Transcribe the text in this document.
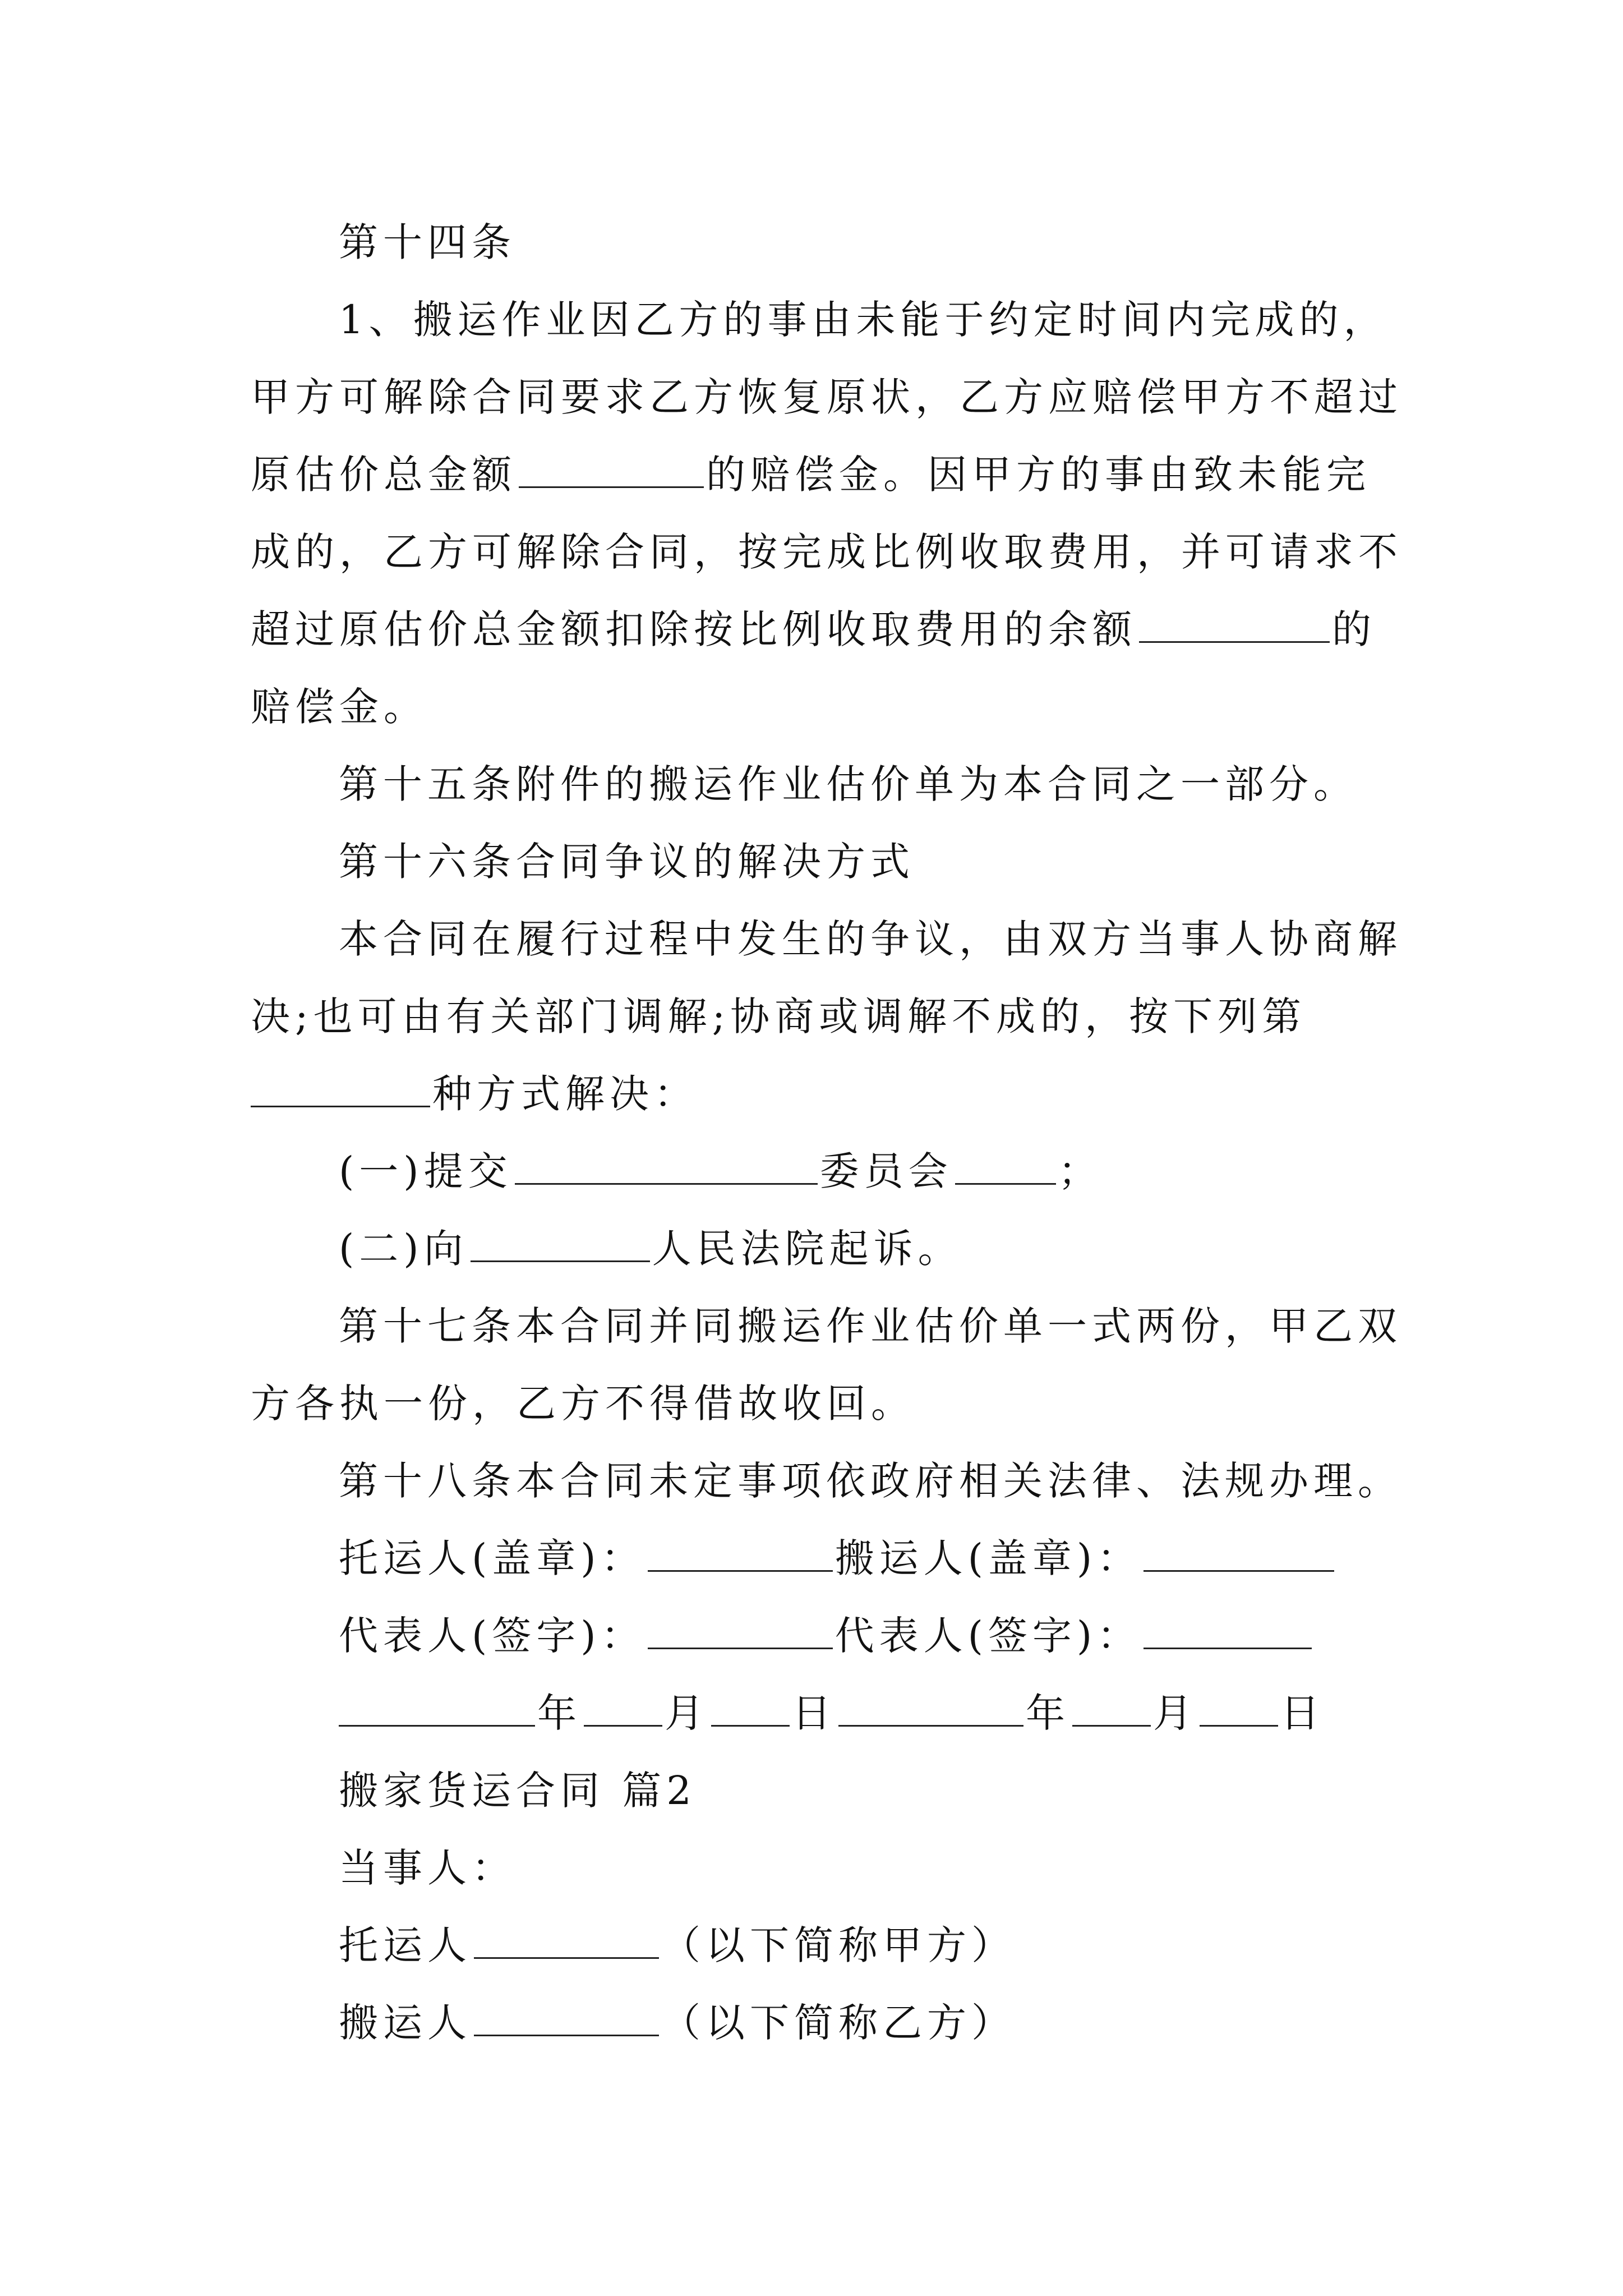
第十四条
1、搬运作业因乙方的事由未能于约定时间内完成的，
甲方可解除合同要求乙方恢复原状，乙方应赔偿甲方不超过
原估价总金额	的赔偿金。因甲方的事由致未能完
成的，乙方可解除合同，按完成比例收取费用，并可请求不
超过原估价总金额扣除按比例收取费用的余额	的
赔偿金。
第十五条附件的搬运作业估价单为本合同之一部分。
第十六条合同争议的解决方式
本合同在履行过程中发生的争议，由双方当事人协商解
决;也可由有关部门调解;协商或调解不成的，按下列第
种方式解决：
(一)提交	委员会	；
(二)向	人民法院起诉。
第十七条本合同并同搬运作业估价单一式两份，甲乙双
方各执一份，乙方不得借故收回。
第十八条本合同未定事项依政府相关法律、法规办理。
托运人(盖章)：	搬运人(盖章)：
代表人(签字)：	代表人(签字)：
年 月 日	年 月 日
搬家货运合同 篇2
当事人：
托运人	（以下简称甲方）
搬运人	（以下简称乙方）
